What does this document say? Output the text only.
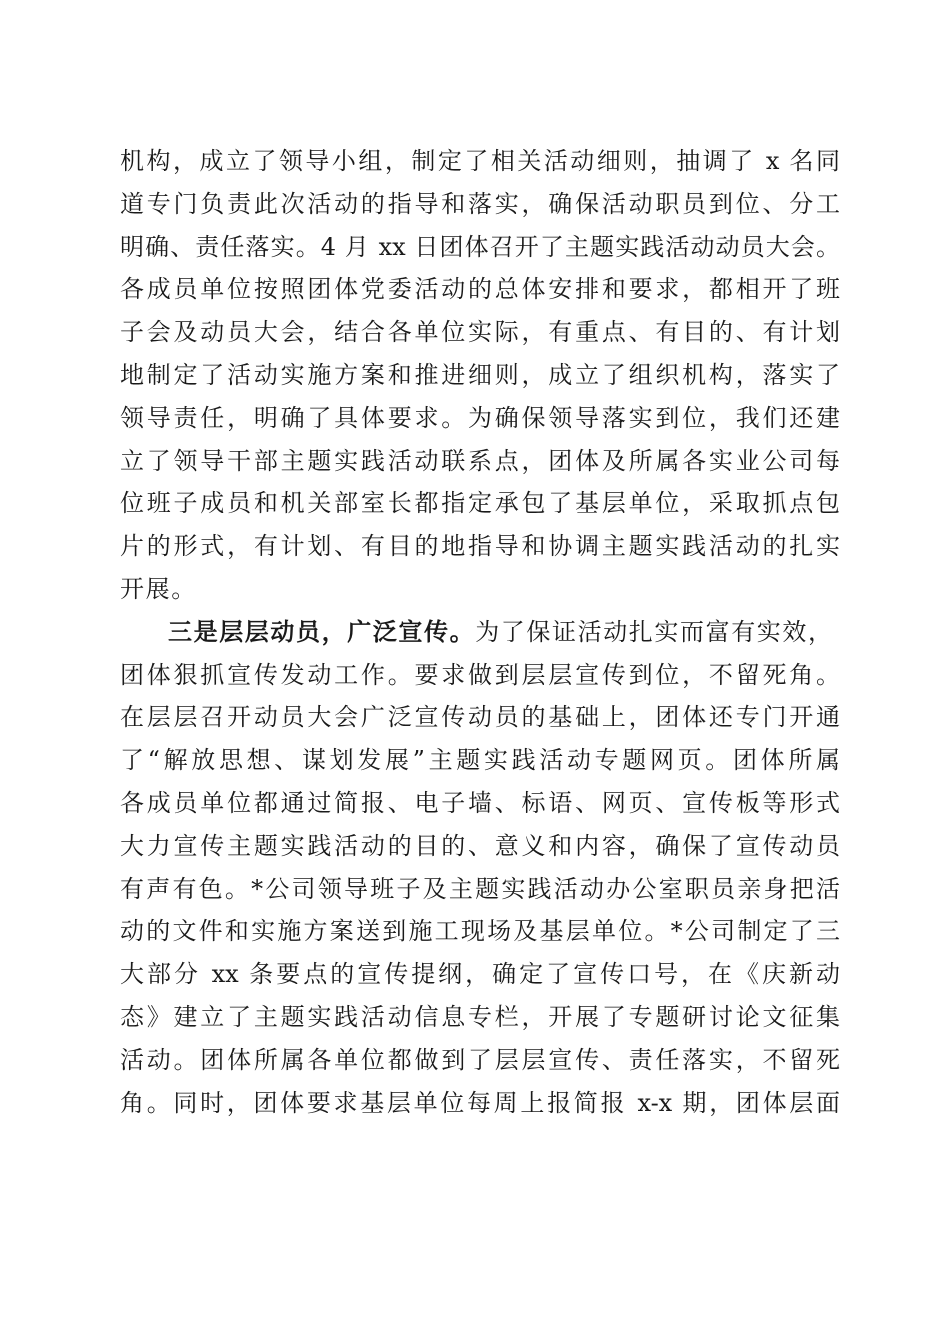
机构，成立了领导小组，制定了相关活动细则，抽调了 x 名同
道专门负责此次活动的指导和落实，确保活动职员到位、分工
明确、责任落实。4 月 xx 日团体召开了主题实践活动动员大会。
各成员单位按照团体党委活动的总体安排和要求，都相开了班
子会及动员大会，结合各单位实际，有重点、有目的、有计划
地制定了活动实施方案和推进细则，成立了组织机构，落实了
领导责任，明确了具体要求。为确保领导落实到位，我们还建
立了领导干部主题实践活动联系点，团体及所属各实业公司每
位班子成员和机关部室长都指定承包了基层单位，采取抓点包
片的形式，有计划、有目的地指导和协调主题实践活动的扎实
开展。
三是层层动员，广泛宣传。为了保证活动扎实而富有实效，
团体狠抓宣传发动工作。要求做到层层宣传到位，不留死角。
在层层召开动员大会广泛宣传动员的基础上，团体还专门开通
了“解放思想、谋划发展”主题实践活动专题网页。团体所属
各成员单位都通过简报、电子墙、标语、网页、宣传板等形式
大力宣传主题实践活动的目的、意义和内容，确保了宣传动员
有声有色。*公司领导班子及主题实践活动办公室职员亲身把活
动的文件和实施方案送到施工现场及基层单位。*公司制定了三
大部分 xx 条要点的宣传提纲，确定了宣传口号，在《庆新动
态》建立了主题实践活动信息专栏，开展了专题研讨论文征集
活动。团体所属各单位都做到了层层宣传、责任落实，不留死
角。同时，团体要求基层单位每周上报简报 x-x 期，团体层面
